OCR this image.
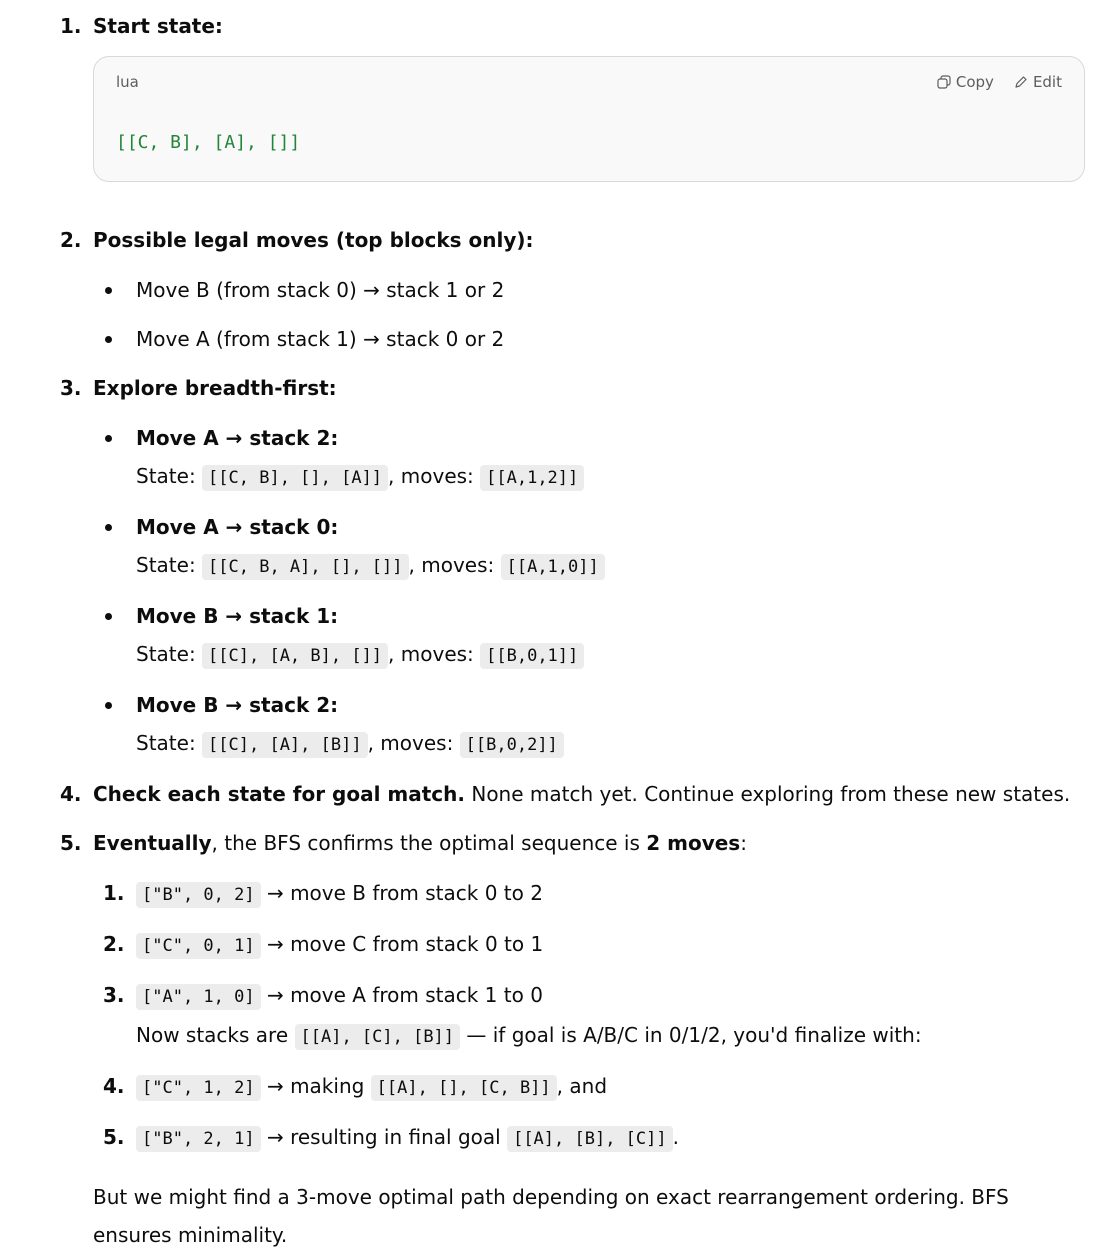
1. Start state:
lua	Copy	Edit
[[C, B], [A], []]
2. Possible legal moves (top blocks only):
Move B (from stack 0) → stack 1 or 2
Move A (from stack 1) → stack 0 or 2
3. Explore breadth-first:
Move A → stack 2:
State: [[C, B], [], [A]] , moves: [[A,1,2]]
Move A → stack 0:
State: [[C, B, A], [], []] , moves: [[A,1,0]]
Move B → stack 1:
State: [[C], [A, B], []] , moves: [[B,0,1]]
Move B → stack 2:
State: [[C], [A], [B]] , moves: [[B,0,2]]
4. Check each state for goal match. None match yet. Continue exploring from these new states.
5. Eventually, the BFS confirms the optimal sequence is 2 moves:
1.	["B", 0, 2] → move B from stack 0 to 2
2.	["C", 0, 1] → move C from stack 0 to 1
3.	["A", 1, 0] → move A from stack 1 to 0
Now stacks are [[A], [C], [B]] — if goal is A/B/C in 0/1/2, you'd finalize with:
4.	["C", 1, 2] → making [[A], [], [C, B]] , and
5.	["B", 2, 1] → resulting in final goal [[A], [B], [C]] .
But we might find a 3-move optimal path depending on exact rearrangement ordering. BFS ensures minimality.
